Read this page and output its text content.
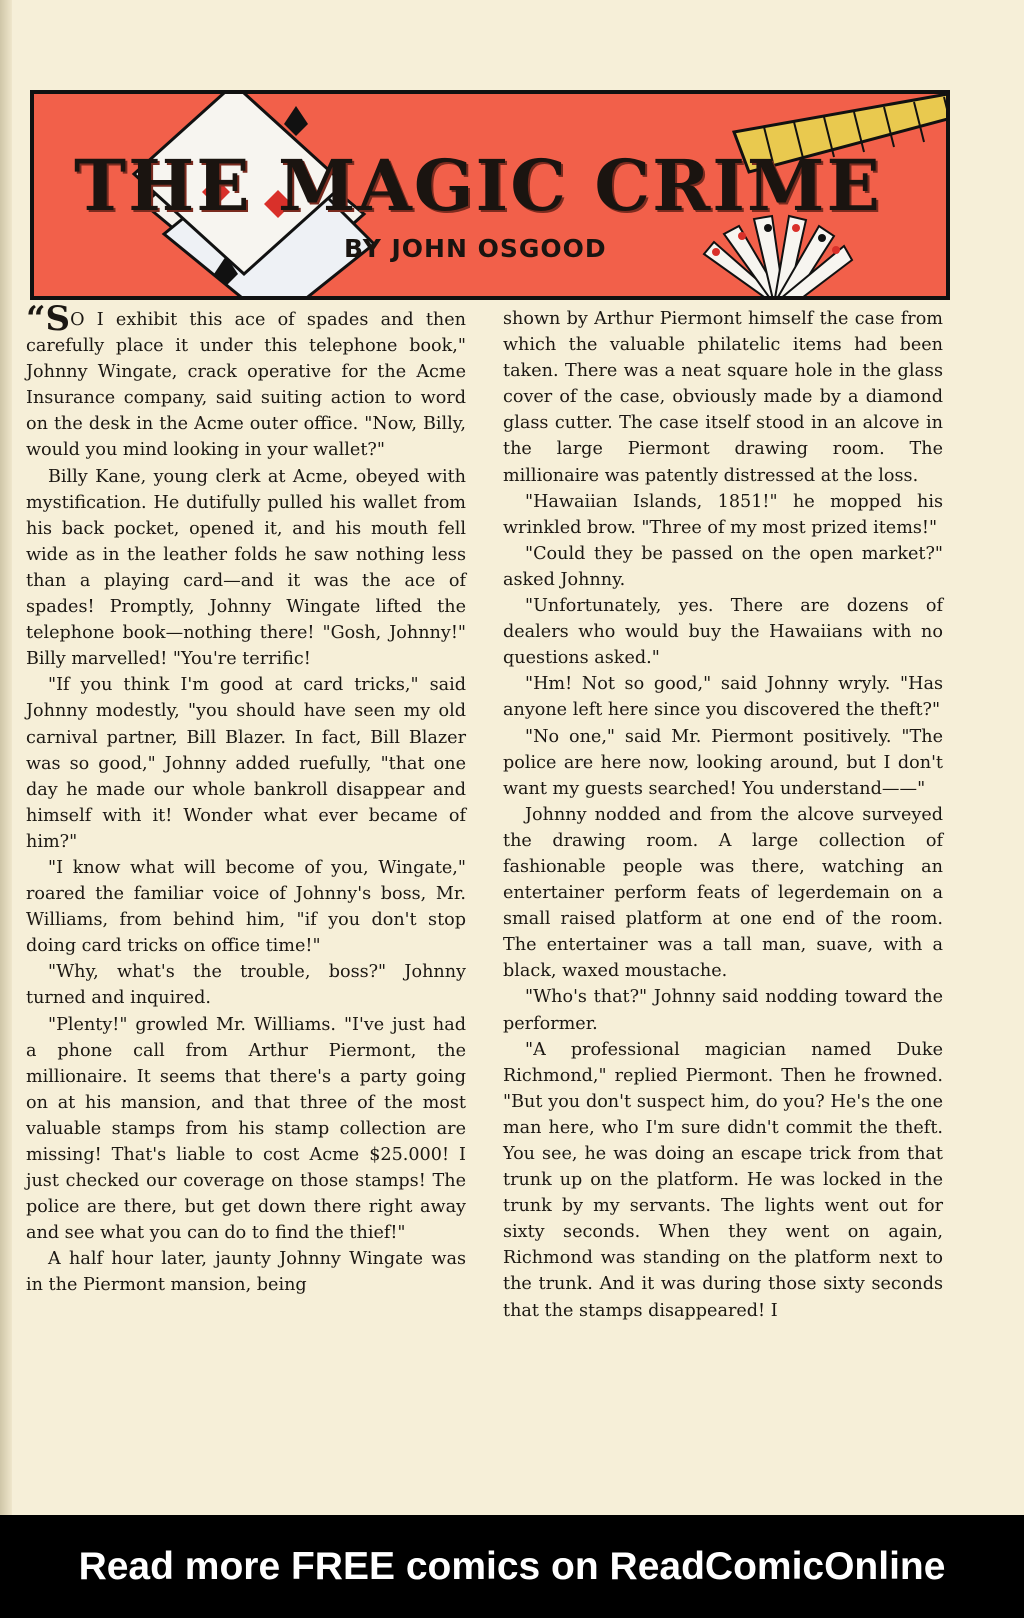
THE MAGIC CRIME
BY JOHN OSGOOD

“SO I exhibit this ace of spades and then carefully place it under this telephone book," Johnny Wingate, crack operative for the Acme Insurance company, said suiting action to word on the desk in the Acme outer office. "Now, Billy, would you mind looking in your wallet?"

Billy Kane, young clerk at Acme, obeyed with mystification. He dutifully pulled his wallet from his back pocket, opened it, and his mouth fell wide as in the leather folds he saw nothing less than a playing card—and it was the ace of spades! Promptly, Johnny Wingate lifted the telephone book—nothing there! "Gosh, Johnny!" Billy marvelled! "You're terrific!

"If you think I'm good at card tricks," said Johnny modestly, "you should have seen my old carnival partner, Bill Blazer. In fact, Bill Blazer was so good," Johnny added ruefully, "that one day he made our whole bankroll disappear and himself with it! Wonder what ever became of him?"

"I know what will become of you, Wingate," roared the familiar voice of Johnny's boss, Mr. Williams, from behind him, "if you don't stop doing card tricks on office time!"

"Why, what's the trouble, boss?" Johnny turned and inquired.

"Plenty!" growled Mr. Williams. "I've just had a phone call from Arthur Piermont, the millionaire. It seems that there's a party going on at his mansion, and that three of the most valuable stamps from his stamp collection are missing! That's liable to cost Acme $25.000! I just checked our coverage on those stamps! The police are there, but get down there right away and see what you can do to find the thief!"

A half hour later, jaunty Johnny Wingate was in the Piermont mansion, being

shown by Arthur Piermont himself the case from which the valuable philatelic items had been taken. There was a neat square hole in the glass cover of the case, obviously made by a diamond glass cutter. The case itself stood in an alcove in the large Piermont drawing room. The millionaire was patently distressed at the loss.

"Hawaiian Islands, 1851!" he mopped his wrinkled brow. "Three of my most prized items!"

"Could they be passed on the open market?" asked Johnny.

"Unfortunately, yes. There are dozens of dealers who would buy the Hawaiians with no questions asked."

"Hm! Not so good," said Johnny wryly. "Has anyone left here since you discovered the theft?"

"No one," said Mr. Piermont positively. "The police are here now, looking around, but I don't want my guests searched! You understand——"

Johnny nodded and from the alcove surveyed the drawing room. A large collection of fashionable people was there, watching an entertainer perform feats of legerdemain on a small raised platform at one end of the room. The entertainer was a tall man, suave, with a black, waxed moustache.

"Who's that?" Johnny said nodding toward the performer.

"A professional magician named Duke Richmond," replied Piermont. Then he frowned. "But you don't suspect him, do you? He's the one man here, who I'm sure didn't commit the theft. You see, he was doing an escape trick from that trunk up on the platform. He was locked in the trunk by my servants. The lights went out for sixty seconds. When they went on again, Richmond was standing on the platform next to the trunk. And it was during those sixty seconds that the stamps disappeared! I

Read more FREE comics on ReadComicOnline
